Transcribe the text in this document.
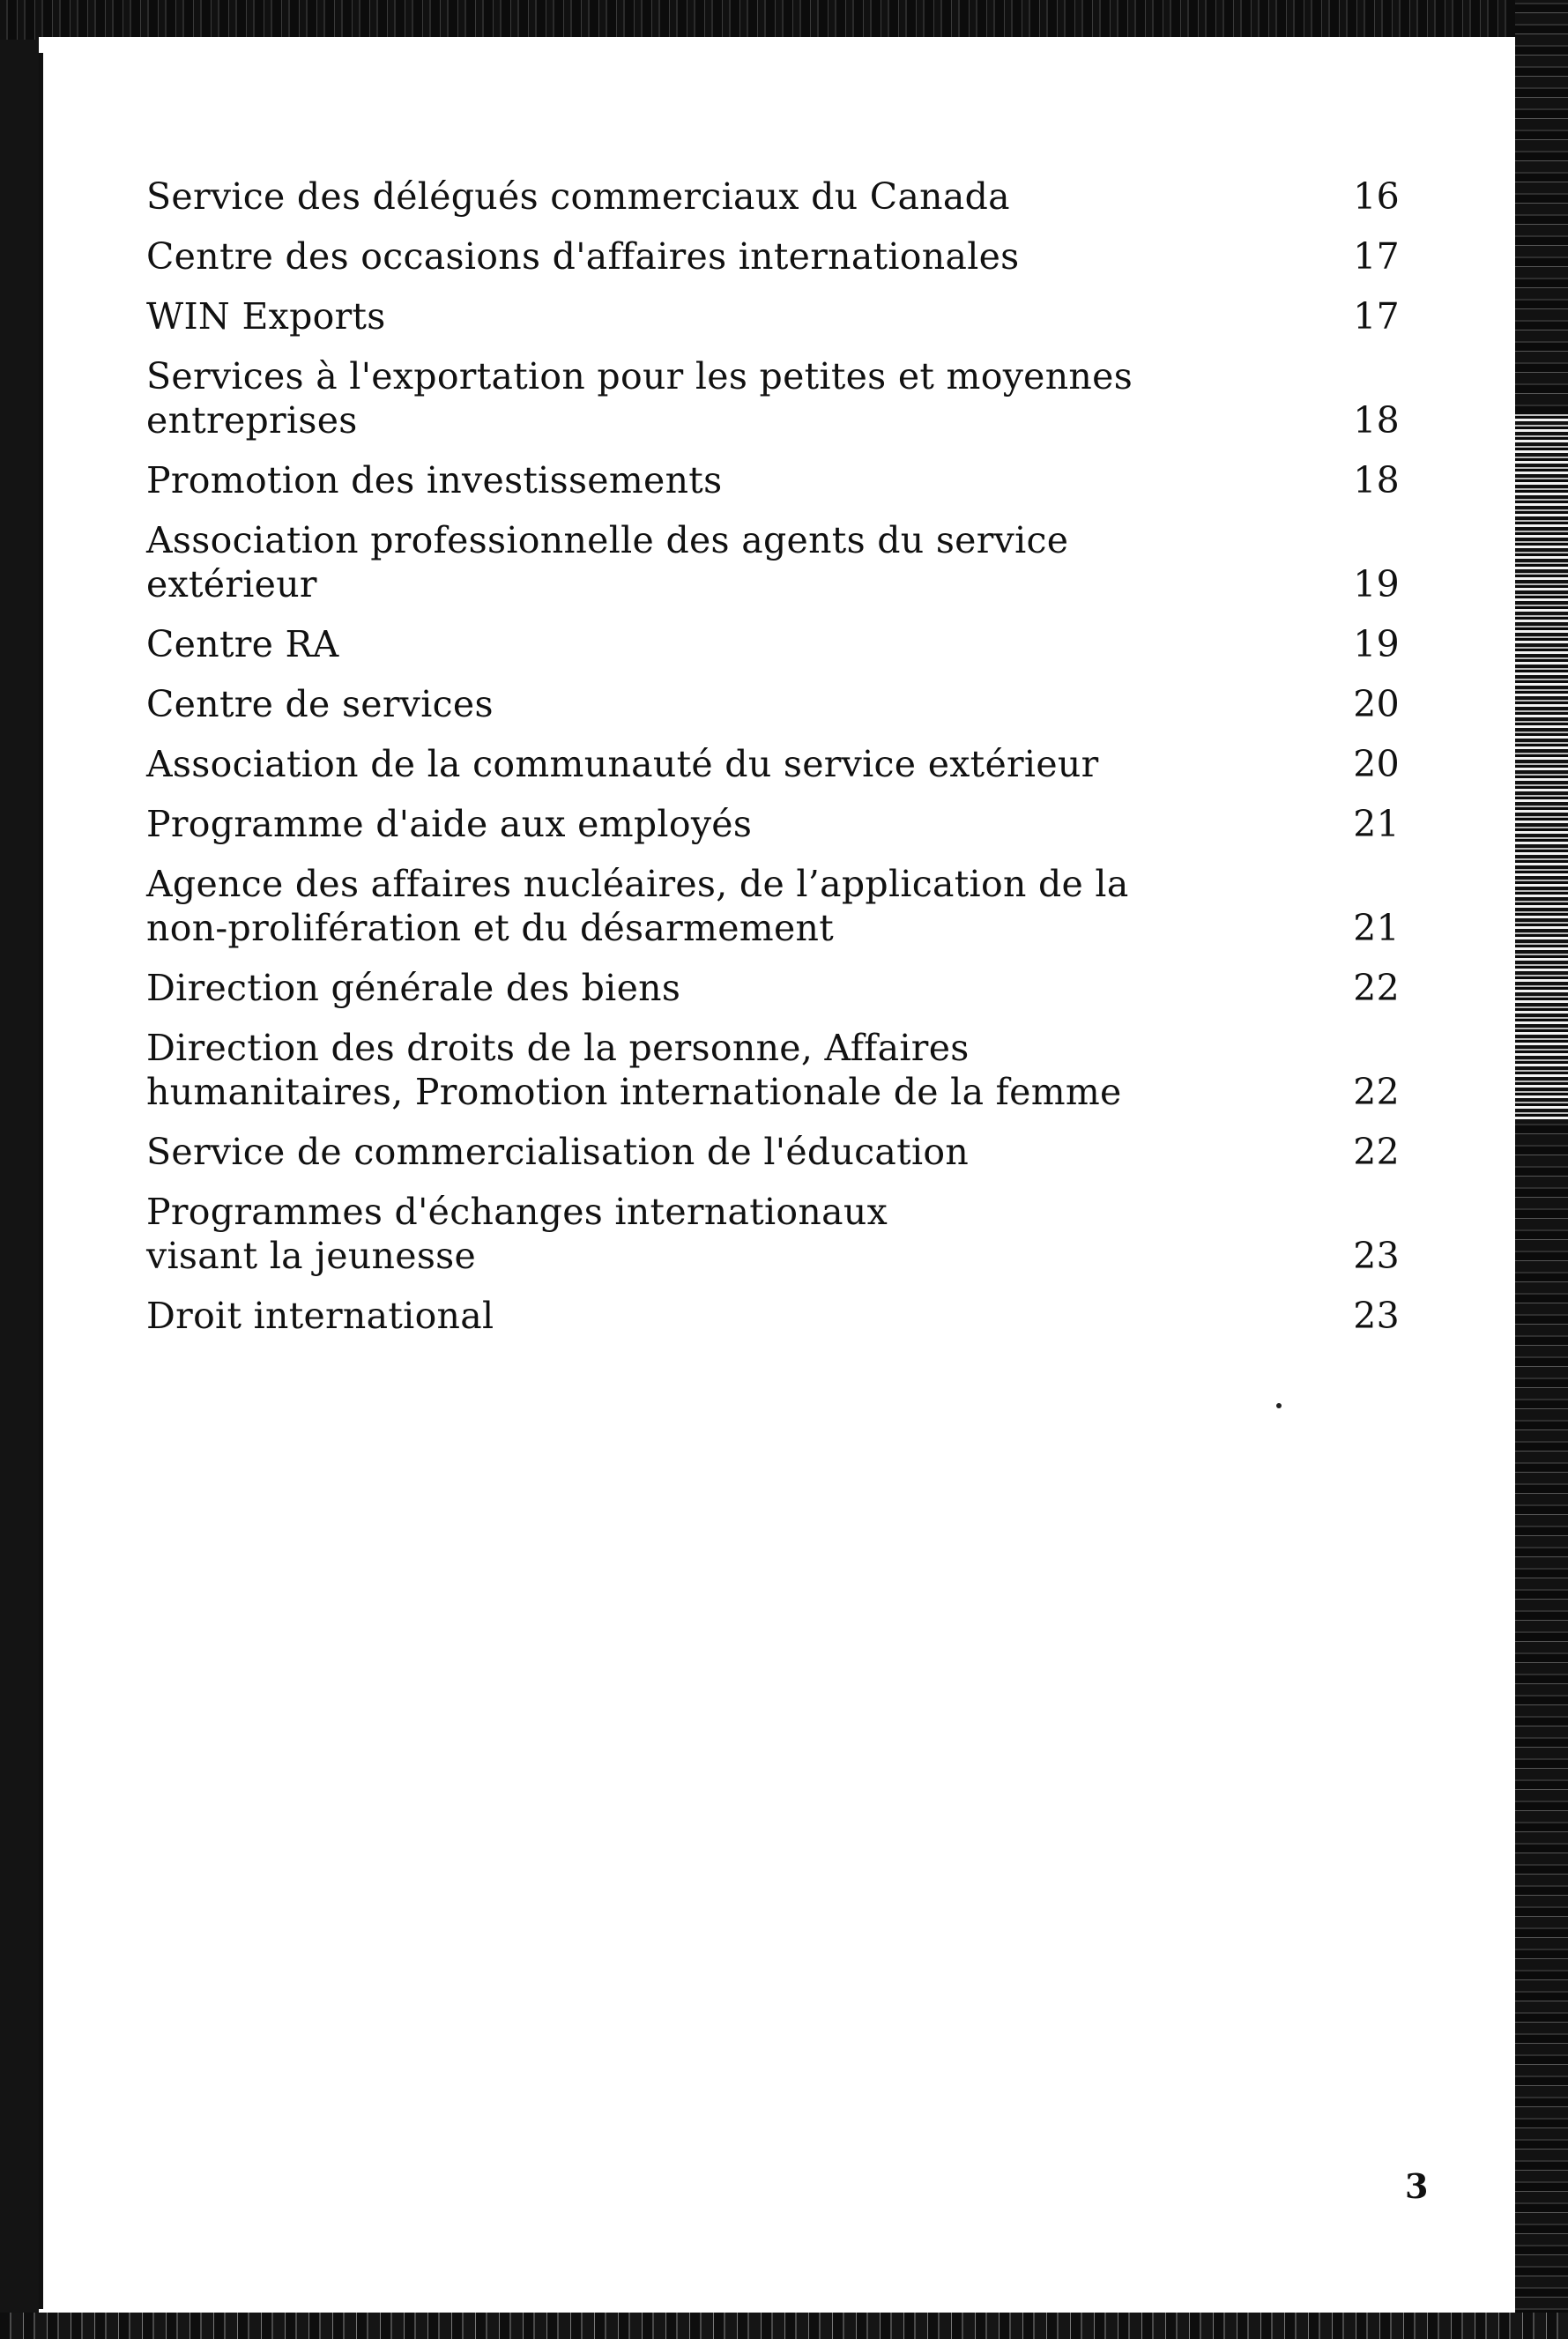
Service des délégués commerciaux du Canada	16
Centre des occasions d'affaires internationales	17
WIN Exports	17
Services à l'exportation pour les petites et moyennes
entreprises	18
Promotion des investissements	18
Association professionnelle des agents du service
extérieur	19
Centre RA	19
Centre de services	20
Association de la communauté du service extérieur	20
Programme d'aide aux employés	21
Agence des affaires nucléaires, de l’application de la
non-prolifération et du désarmement	21
Direction générale des biens	22
Direction des droits de la personne, Affaires
humanitaires, Promotion internationale de la femme	22
Service de commercialisation de l'éducation	22
Programmes d'échanges internationaux
visant la jeunesse	23
Droit international	23
3
